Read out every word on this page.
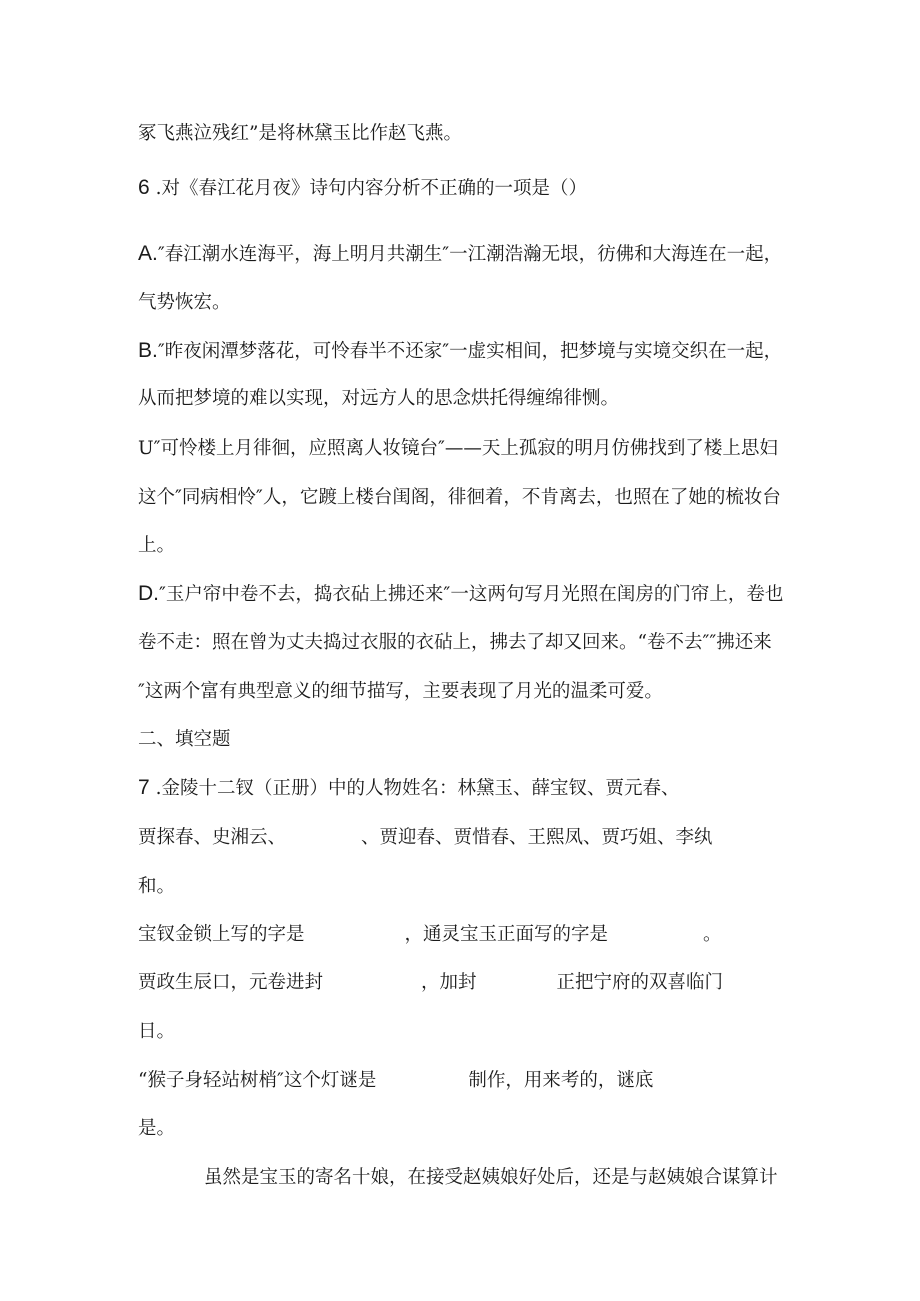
冢飞燕泣残红”是将林黛玉比作赵飞燕。
6 .对《春江花月夜》诗句内容分析不正确的一项是（）
A.″春江潮水连海平，海上明月共潮生″一江潮浩瀚无垠，彷佛和大海连在一起，
气势恢宏。
B.″昨夜闲潭梦落花，可怜春半不还家″一虚实相间，把梦境与实境交织在一起，
从而把梦境的难以实现，对远方人的思念烘托得缠绵徘恻。
U″可怜楼上月徘徊，应照离人妆镜台″——天上孤寂的明月仿佛找到了楼上思妇
这个″同病相怜″人，它踱上楼台闺阁，徘徊着，不肯离去，也照在了她的梳妆台
上。
D.″玉户帘中卷不去，捣衣砧上拂还来″一这两句写月光照在闺房的门帘上，卷也
卷不走：照在曾为丈夫捣过衣服的衣砧上，拂去了却又回来。“卷不去″″拂还来
″这两个富有典型意义的细节描写，主要表现了月光的温柔可爱。
二、填空题
7 .金陵十二钗（正册）中的人物姓名：林黛玉、薛宝钗、贾元春、
贾探春、史湘云、	、贾迎春、贾惜春、王熙凤、贾巧姐、李纨
和。
宝钗金锁上写的字是	，通灵宝玉正面写的字是	。
贾政生辰口，元卷进封	，加封	正把宁府的双喜临门
日。
“猴子身轻站树梢″这个灯谜是	制作，用来考的，谜底
是。
虽然是宝玉的寄名十娘，在接受赵姨娘好处后，还是与赵姨娘合谋算计
